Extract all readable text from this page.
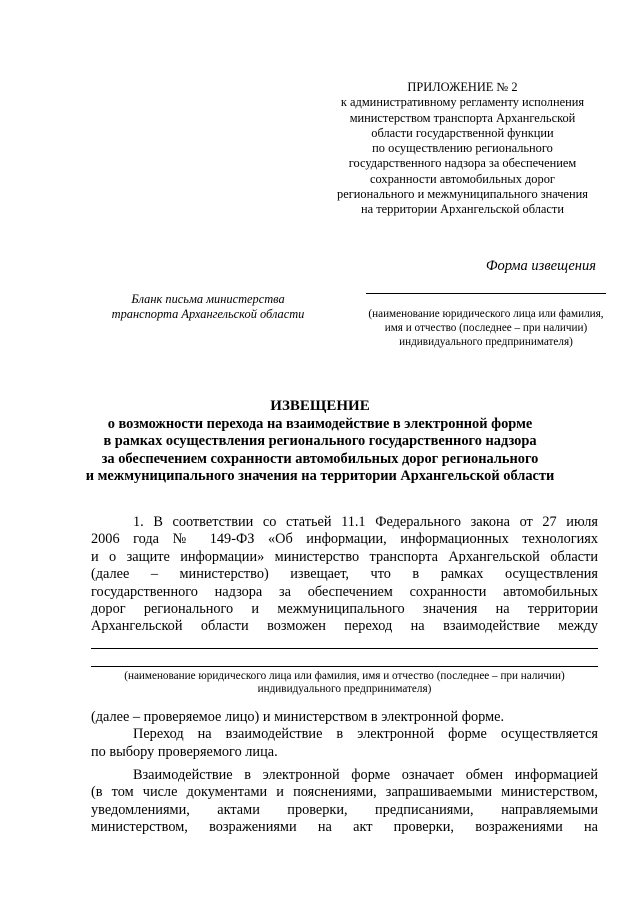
ПРИЛОЖЕНИЕ № 2
к административному регламенту исполнения
министерством транспорта Архангельской
области государственной функции
по осуществлению регионального
государственного надзора за обеспечением
сохранности автомобильных дорог
регионального и межмуниципального значения
на территории Архангельской области
Форма извещения
Бланк письма министерства
транспорта Архангельской области	(наименование юридического лица или фамилия,
имя и отчество (последнее – при наличии)
индивидуального предпринимателя)
ИЗВЕЩЕНИЕ
о возможности перехода на взаимодействие в электронной форме
в рамках осуществления регионального государственного надзора
за обеспечением сохранности автомобильных дорог регионального
и межмуниципального значения на территории Архангельской области
1. В соответствии со статьей 11.1 Федерального закона от 27 июля
2006 года № 149-ФЗ «Об информации, информационных технологиях
и о защите информации» министерство транспорта Архангельской области
(далее – министерство) извещает, что в рамках осуществления
государственного надзора за обеспечением сохранности автомобильных
дорог регионального и межмуниципального значения на территории
Архангельской области возможен переход на взаимодействие между
(наименование юридического лица или фамилия, имя и отчество (последнее – при наличии)
индивидуального предпринимателя)
(далее – проверяемое лицо) и министерством в электронной форме.
Переход на взаимодействие в электронной форме осуществляется
по выбору проверяемого лица.
Взаимодействие в электронной форме означает обмен информацией
(в том числе документами и пояснениями, запрашиваемыми министерством,
уведомлениями, актами проверки, предписаниями, направляемыми
министерством, возражениями на акт проверки, возражениями на
